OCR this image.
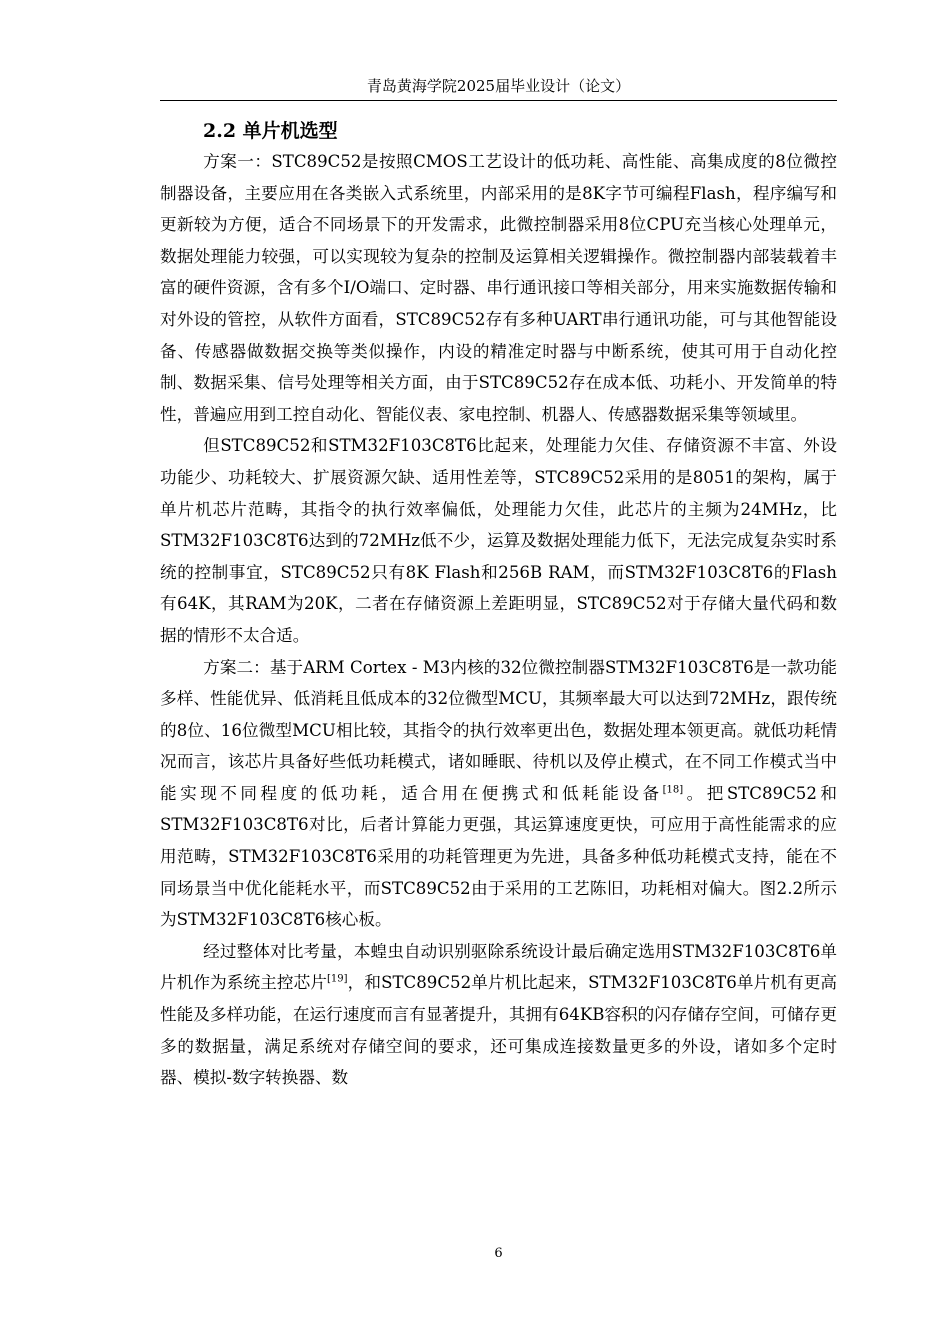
青岛黄海学院2025届毕业设计（论文）
2.2 单片机选型

方案一：STC89C52是按照CMOS工艺设计的低功耗、高性能、高集成度的8位微控制器设备，主要应用在各类嵌入式系统里，内部采用的是8K字节可编程Flash，程序编写和更新较为方便，适合不同场景下的开发需求，此微控制器采用8位CPU充当核心处理单元，数据处理能力较强，可以实现较为复杂的控制及运算相关逻辑操作。微控制器内部装载着丰富的硬件资源，含有多个I/O端口、定时器、串行通讯接口等相关部分，用来实施数据传输和对外设的管控，从软件方面看，STC89C52存有多种UART串行通讯功能，可与其他智能设备、传感器做数据交换等类似操作，内设的精准定时器与中断系统，使其可用于自动化控制、数据采集、信号处理等相关方面，由于STC89C52存在成本低、功耗小、开发简单的特性，普遍应用到工控自动化、智能仪表、家电控制、机器人、传感器数据采集等领域里。

但STC89C52和STM32F103C8T6比起来，处理能力欠佳、存储资源不丰富、外设功能少、功耗较大、扩展资源欠缺、适用性差等，STC89C52采用的是8051的架构，属于单片机芯片范畴，其指令的执行效率偏低，处理能力欠佳，此芯片的主频为24MHz，比STM32F103C8T6达到的72MHz低不少，运算及数据处理能力低下，无法完成复杂实时系统的控制事宜，STC89C52只有8K Flash和256B RAM，而STM32F103C8T6的Flash有64K，其RAM为20K，二者在存储资源上差距明显，STC89C52对于存储大量代码和数据的情形不太合适。

方案二：基于ARM Cortex - M3内核的32位微控制器STM32F103C8T6是一款功能多样、性能优异、低消耗且低成本的32位微型MCU，其频率最大可以达到72MHz，跟传统的8位、16位微型MCU相比较，其指令的执行效率更出色，数据处理本领更高。就低功耗情况而言，该芯片具备好些低功耗模式，诸如睡眠、待机以及停止模式，在不同工作模式当中能实现不同程度的低功耗，适合用在便携式和低耗能设备[18]。把STC89C52和STM32F103C8T6对比，后者计算能力更强，其运算速度更快，可应用于高性能需求的应用范畴，STM32F103C8T6采用的功耗管理更为先进，具备多种低功耗模式支持，能在不同场景当中优化能耗水平，而STC89C52由于采用的工艺陈旧，功耗相对偏大。图2.2所示为STM32F103C8T6核心板。

经过整体对比考量，本蝗虫自动识别驱除系统设计最后确定选用STM32F103C8T6单片机作为系统主控芯片[19]，和STC89C52单片机比起来，STM32F103C8T6单片机有更高性能及多样功能，在运行速度而言有显著提升，其拥有64KB容积的闪存储存空间，可储存更多的数据量，满足系统对存储空间的要求，还可集成连接数量更多的外设，诸如多个定时器、模拟-数字转换器、数

6
